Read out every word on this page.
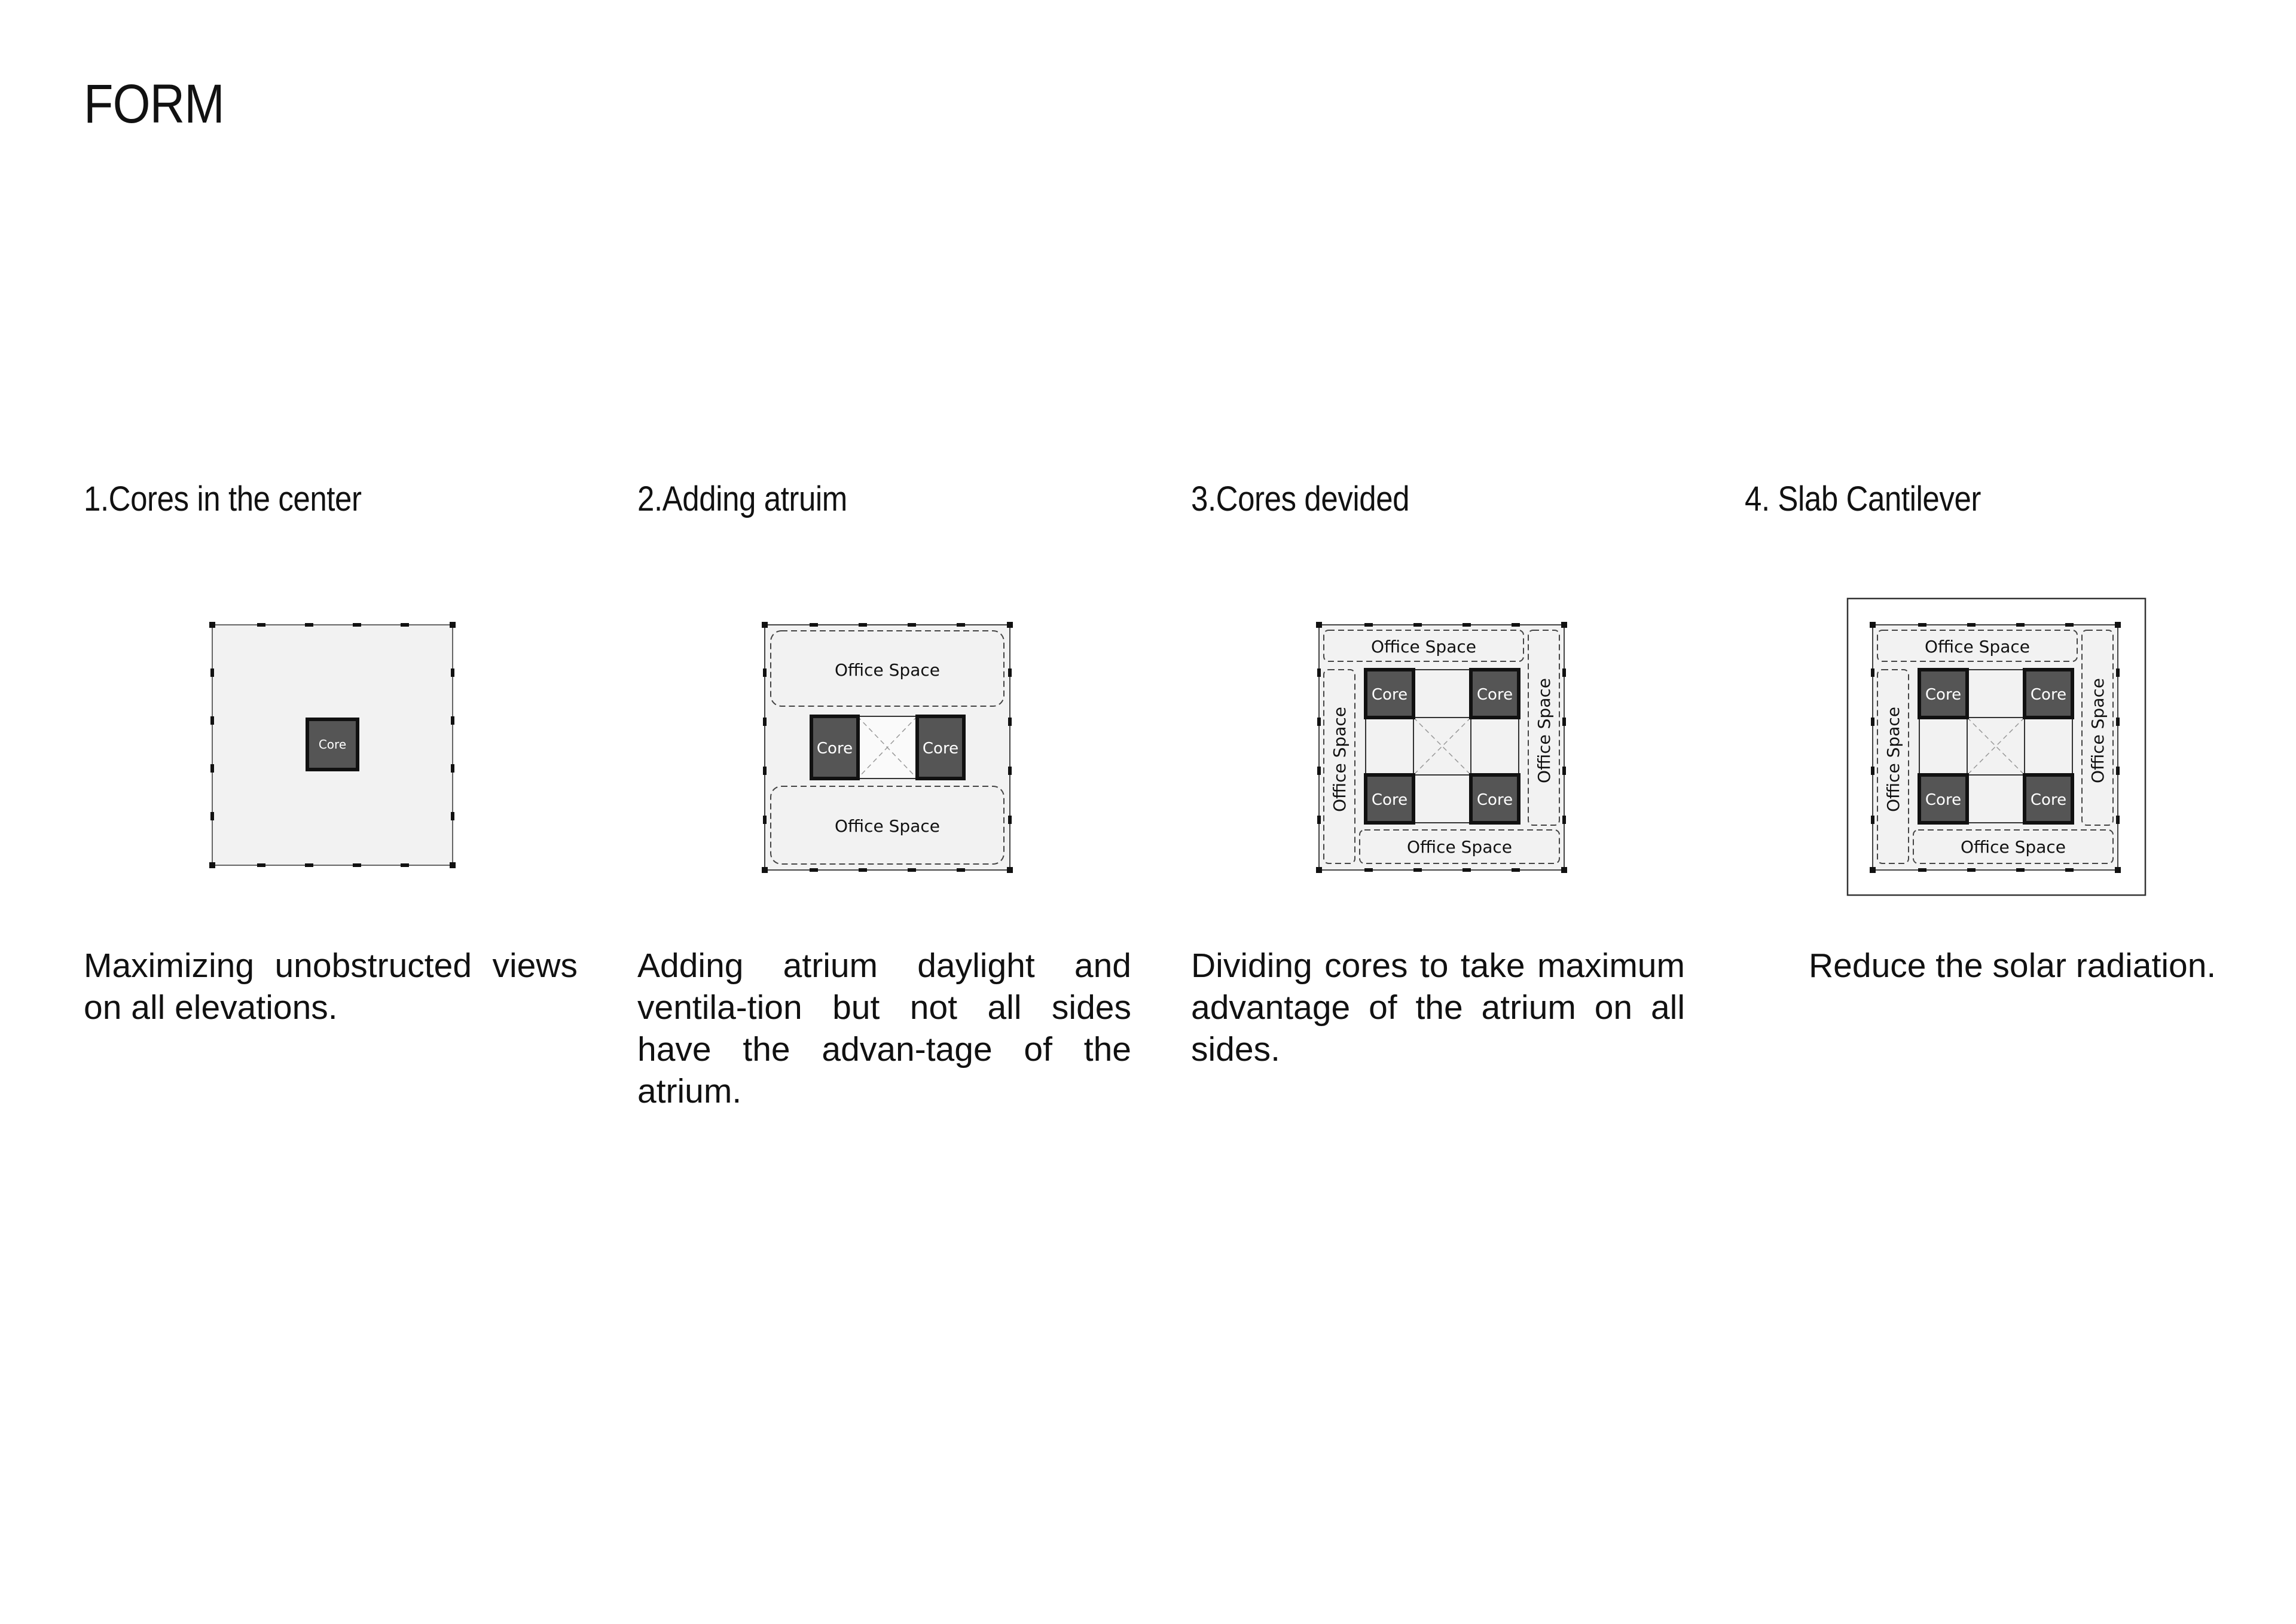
FORM
1.Cores in the center	2.Adding atruim	3.Cores devided	4. Slab Cantilever
Core
Office Space
Office Space
Core	Core
Office Space
Office Space
Office Space	Office Space
Core	Core
Core	Core
Office Space
Office Space
Office Space	Office Space
Core	Core
Core	Core
Maximizing unobstructed views on all elevations.
Adding atrium daylight and ventila-tion but not all sides have the advan-tage of the atrium.
Dividing cores to take maximum advantage of the atrium on all sides.
Reduce the solar radiation.
